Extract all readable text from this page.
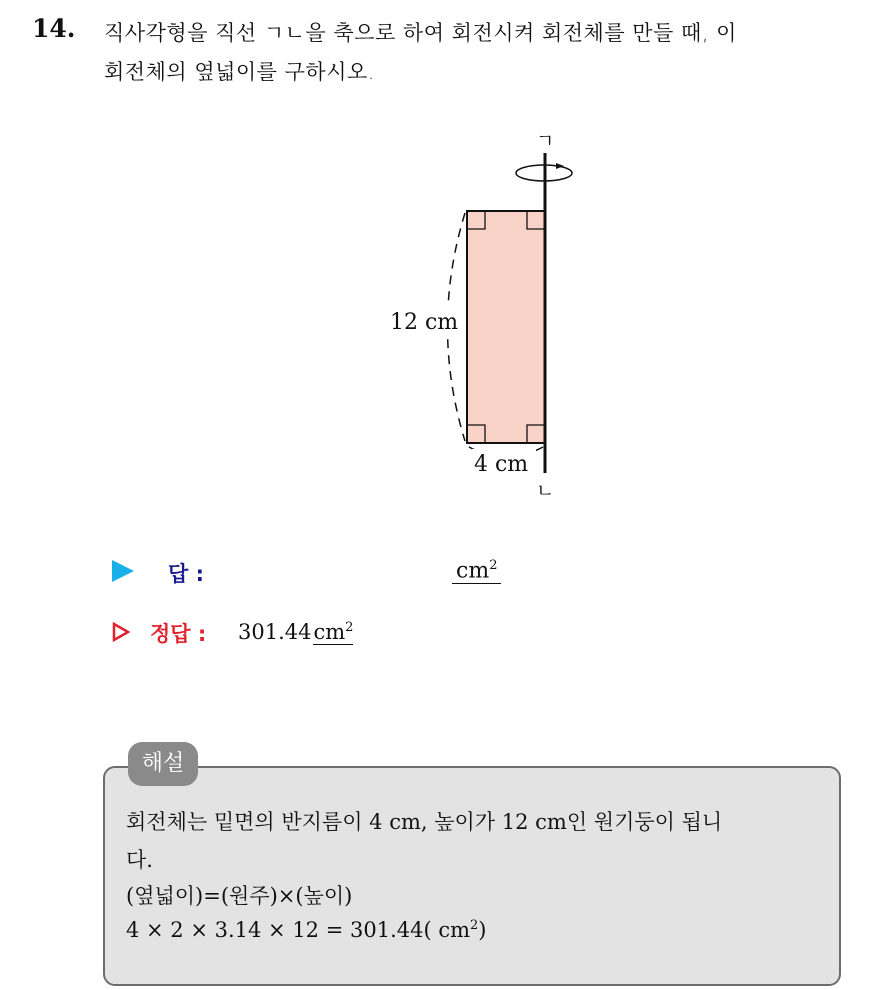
14. 직사각형을 직선 ㄱㄴ을 축으로 하여 회전시켜 회전체를 만들 때, 이
회전체의 옆넓이를 구하시오.
ㄱ
12 cm
4 cm
ㄴ
답 :	$cm^2$
정답 : $301.44cm^2$
해설
회전체는 밑면의 반지름이 4 cm, 높이가 12 cm인 원기둥이 됩니
다.
(옆넓이)=(원주)×(높이)
4 × 2 × 3.14 × 12 = 301.44( $cm^2$)
